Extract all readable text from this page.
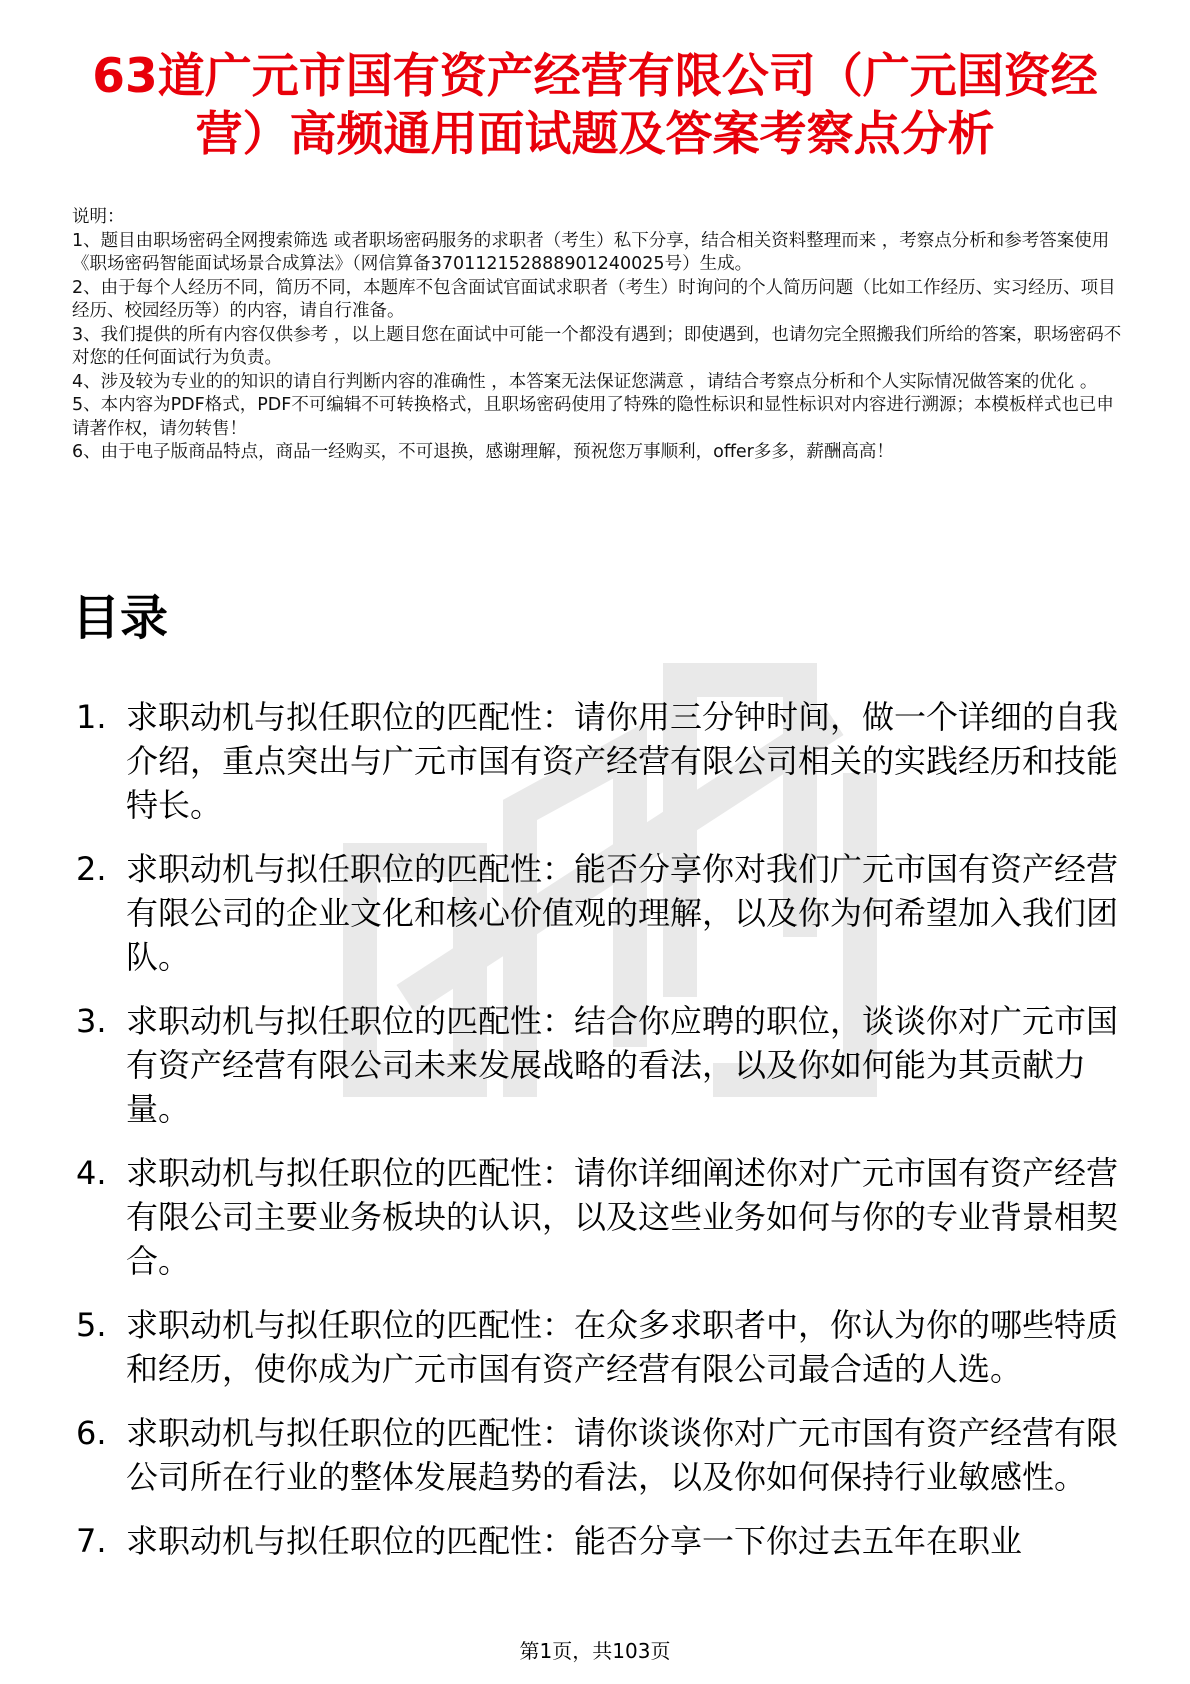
63道广元市国有资产经营有限公司（广元国资经营）高频通用面试题及答案考察点分析

说明：

1、题目由职场密码全网搜索筛选 或者职场密码服务的求职者（考生）私下分享，结合相关资料整理而来 ，考察点分析和参考答案使用《职场密码智能面试场景合成算法》（网信算备370112152888901240025号）生成。

2、由于每个人经历不同，简历不同，本题库不包含面试官面试求职者（考生）时询问的个人简历问题（比如工作经历、实习经历、项目经历、校园经历等）的内容，请自行准备。

3、我们提供的所有内容仅供参考 ，以上题目您在面试中可能一个都没有遇到；即使遇到，也请勿完全照搬我们所给的答案，职场密码不对您的任何面试行为负责。

4、涉及较为专业的的知识的请自行判断内容的准确性 ，本答案无法保证您满意 ，请结合考察点分析和个人实际情况做答案的优化 。

5、本内容为PDF格式，PDF不可编辑不可转换格式，且职场密码使用了特殊的隐性标识和显性标识对内容进行溯源；本模板样式也已申请著作权，请勿转售！

6、由于电子版商品特点，商品一经购买，不可退换，感谢理解，预祝您万事顺利，offer多多，薪酬高高！

目录
1. 求职动机与拟任职位的匹配性：请你用三分钟时间，做一个详细的自我介绍，重点突出与广元市国有资产经营有限公司相关的实践经历和技能特长。
2. 求职动机与拟任职位的匹配性：能否分享你对我们广元市国有资产经营有限公司的企业文化和核心价值观的理解，以及你为何希望加入我们团队。
3. 求职动机与拟任职位的匹配性：结合你应聘的职位，谈谈你对广元市国有资产经营有限公司未来发展战略的看法，以及你如何能为其贡献力量。
4. 求职动机与拟任职位的匹配性：请你详细阐述你对广元市国有资产经营有限公司主要业务板块的认识，以及这些业务如何与你的专业背景相契合。
5. 求职动机与拟任职位的匹配性：在众多求职者中，你认为你的哪些特质和经历，使你成为广元市国有资产经营有限公司最合适的人选。
6. 求职动机与拟任职位的匹配性：请你谈谈你对广元市国有资产经营有限公司所在行业的整体发展趋势的看法，以及你如何保持行业敏感性。
7. 求职动机与拟任职位的匹配性：能否分享一下你过去五年在职业
第1页，共103页
